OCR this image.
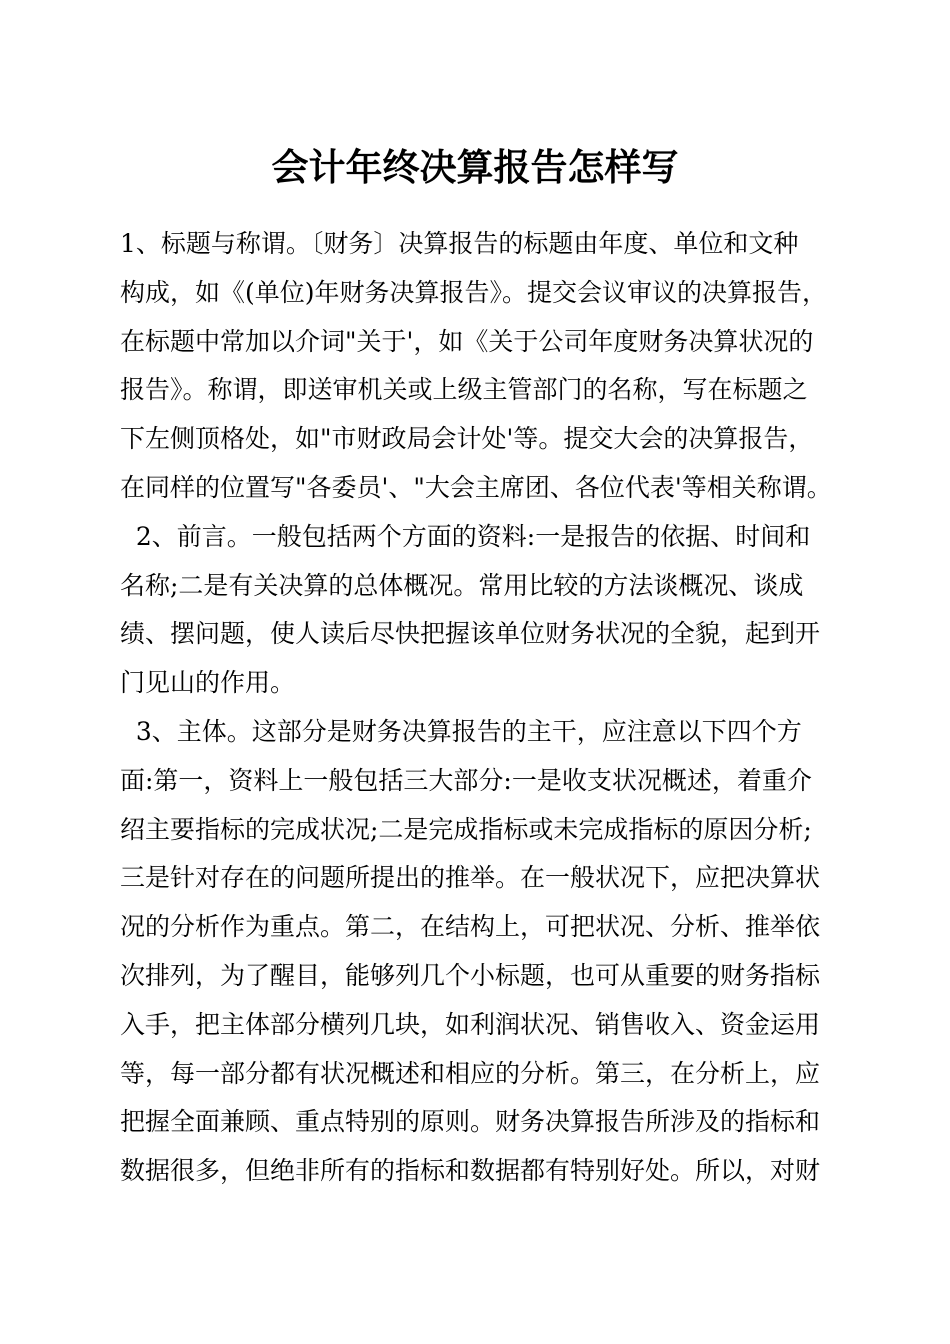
会计年终决算报告怎样写
1、标题与称谓。〔财务〕决算报告的标题由年度、单位和文种
构成，如《(单位)年财务决算报告》。提交会议审议的决算报告，
在标题中常加以介词"关于'，如《关于公司年度财务决算状况的
报告》。称谓，即送审机关或上级主管部门的名称，写在标题之
下左侧顶格处，如"市财政局会计处'等。提交大会的决算报告，
在同样的位置写"各委员'、"大会主席团、各位代表'等相关称谓。
2、前言。一般包括两个方面的资料:一是报告的依据、时间和
名称;二是有关决算的总体概况。常用比较的方法谈概况、谈成
绩、摆问题，使人读后尽快把握该单位财务状况的全貌，起到开
门见山的作用。
3、主体。这部分是财务决算报告的主干，应注意以下四个方
面:第一，资料上一般包括三大部分:一是收支状况概述，着重介
绍主要指标的完成状况;二是完成指标或未完成指标的原因分析;
三是针对存在的问题所提出的推举。在一般状况下，应把决算状
况的分析作为重点。第二，在结构上，可把状况、分析、推举依
次排列，为了醒目，能够列几个小标题，也可从重要的财务指标
入手，把主体部分横列几块，如利润状况、销售收入、资金运用
等，每一部分都有状况概述和相应的分析。第三，在分析上，应
把握全面兼顾、重点特别的原则。财务决算报告所涉及的指标和
数据很多，但绝非所有的指标和数据都有特别好处。所以，对财
